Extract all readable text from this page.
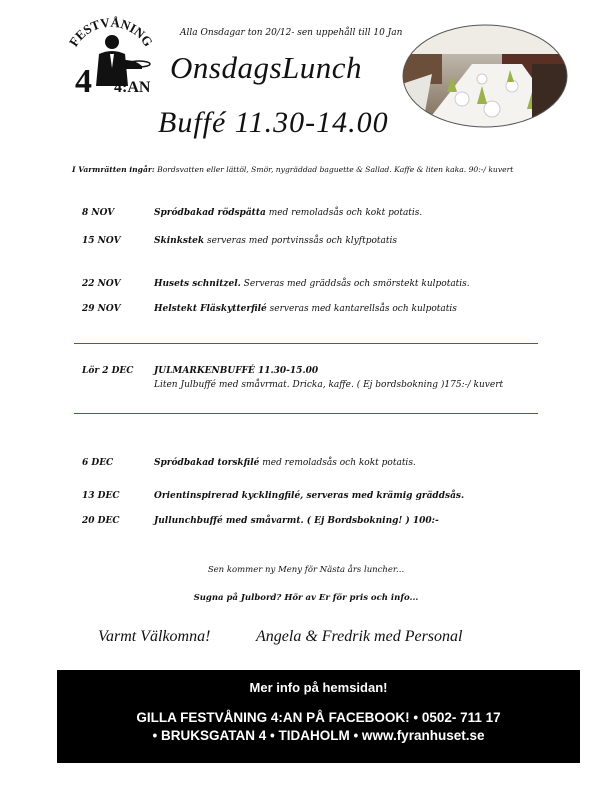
FESTVÅNING
4 4:AN
Alla Onsdagar ton 20/12- sen uppehåll till 10 Jan
OnsdagsLunch
Buffé 11.30-14.00
I Varmrätten ingår: Bordsvatten eller lättöl, Smör, nygräddad baguette & Sallad. Kaffe & liten kaka. 90:-/ kuvert
8 NOV	Spródbakad rödspätta med remoladsås och kokt potatis.
15 NOV	Skinkstek serveras med portvinssås och klyftpotatis
22 NOV	Husets schnitzel. Serveras med gräddsås och smörstekt kulpotatis.
29 NOV	Helstekt Fläskytterfilé serveras med kantarellsås och kulpotatis
Lör 2 DEC JULMARKENBUFFÉ 11.30-15.00
Liten Julbuffé med småvrmat. Dricka, kaffe. ( Ej bordsbokning )175:-/ kuvert
6 DEC	Spródbakad torskfilé med remoladsås och kokt potatis.
13 DEC	Orientinspirerad kycklingfilé, serveras med krämig gräddsås.
20 DEC	Jullunchbuffé med småvarmt. ( Ej Bordsbokning! ) 100:-
Sen kommer ny Meny för Nästa års luncher...
Sugna på Julbord? Hör av Er för pris och info...
Varmt Välkomna!	Angela & Fredrik med Personal
Mer info på hemsidan!
GILLA FESTVÅNING 4:AN PÅ FACEBOOK! • 0502- 711 17
• BRUKSGATAN 4 • TIDAHOLM • www.fyranhuset.se
